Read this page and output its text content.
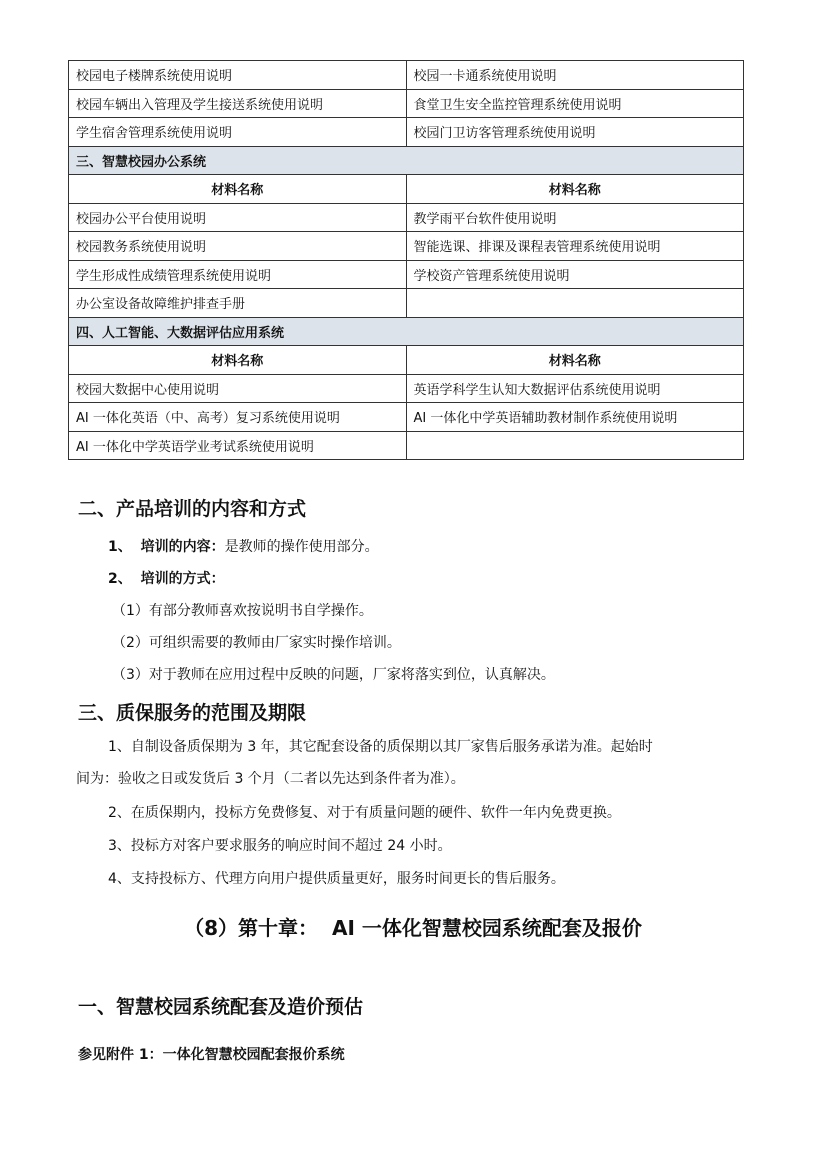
校园电子楼牌系统使用说明	校园一卡通系统使用说明
校园车辆出入管理及学生接送系统使用说明	食堂卫生安全监控管理系统使用说明
学生宿舍管理系统使用说明	校园门卫访客管理系统使用说明
三、智慧校园办公系统	
材料名称	材料名称
校园办公平台使用说明	教学雨平台软件使用说明
校园教务系统使用说明	智能选课、排课及课程表管理系统使用说明
学生形成性成绩管理系统使用说明	学校资产管理系统使用说明
办公室设备故障维护排查手册	
四、人工智能、大数据评估应用系统	
材料名称	材料名称
校园大数据中心使用说明	英语学科学生认知大数据评估系统使用说明
AI 一体化英语（中、高考）复习系统使用说明	AI 一体化中学英语辅助教材制作系统使用说明
AI 一体化中学英语学业考试系统使用说明	
二、产品培训的内容和方式
1、 培训的内容：是教师的操作使用部分。
2、 培训的方式：
（1）有部分教师喜欢按说明书自学操作。
（2）可组织需要的教师由厂家实时操作培训。
（3）对于教师在应用过程中反映的问题，厂家将落实到位，认真解决。
三、质保服务的范围及期限
1、自制设备质保期为 3 年，其它配套设备的质保期以其厂家售后服务承诺为准。起始时
间为：验收之日或发货后 3 个月（二者以先达到条件者为准）。
2、在质保期内，投标方免费修复、对于有质量问题的硬件、软件一年内免费更换。
3、投标方对客户要求服务的响应时间不超过 24 小时。
4、支持投标方、代理方向用户提供质量更好，服务时间更长的售后服务。
（8）第十章：  AI 一体化智慧校园系统配套及报价
一、智慧校园系统配套及造价预估
参见附件 1：一体化智慧校园配套报价系统
